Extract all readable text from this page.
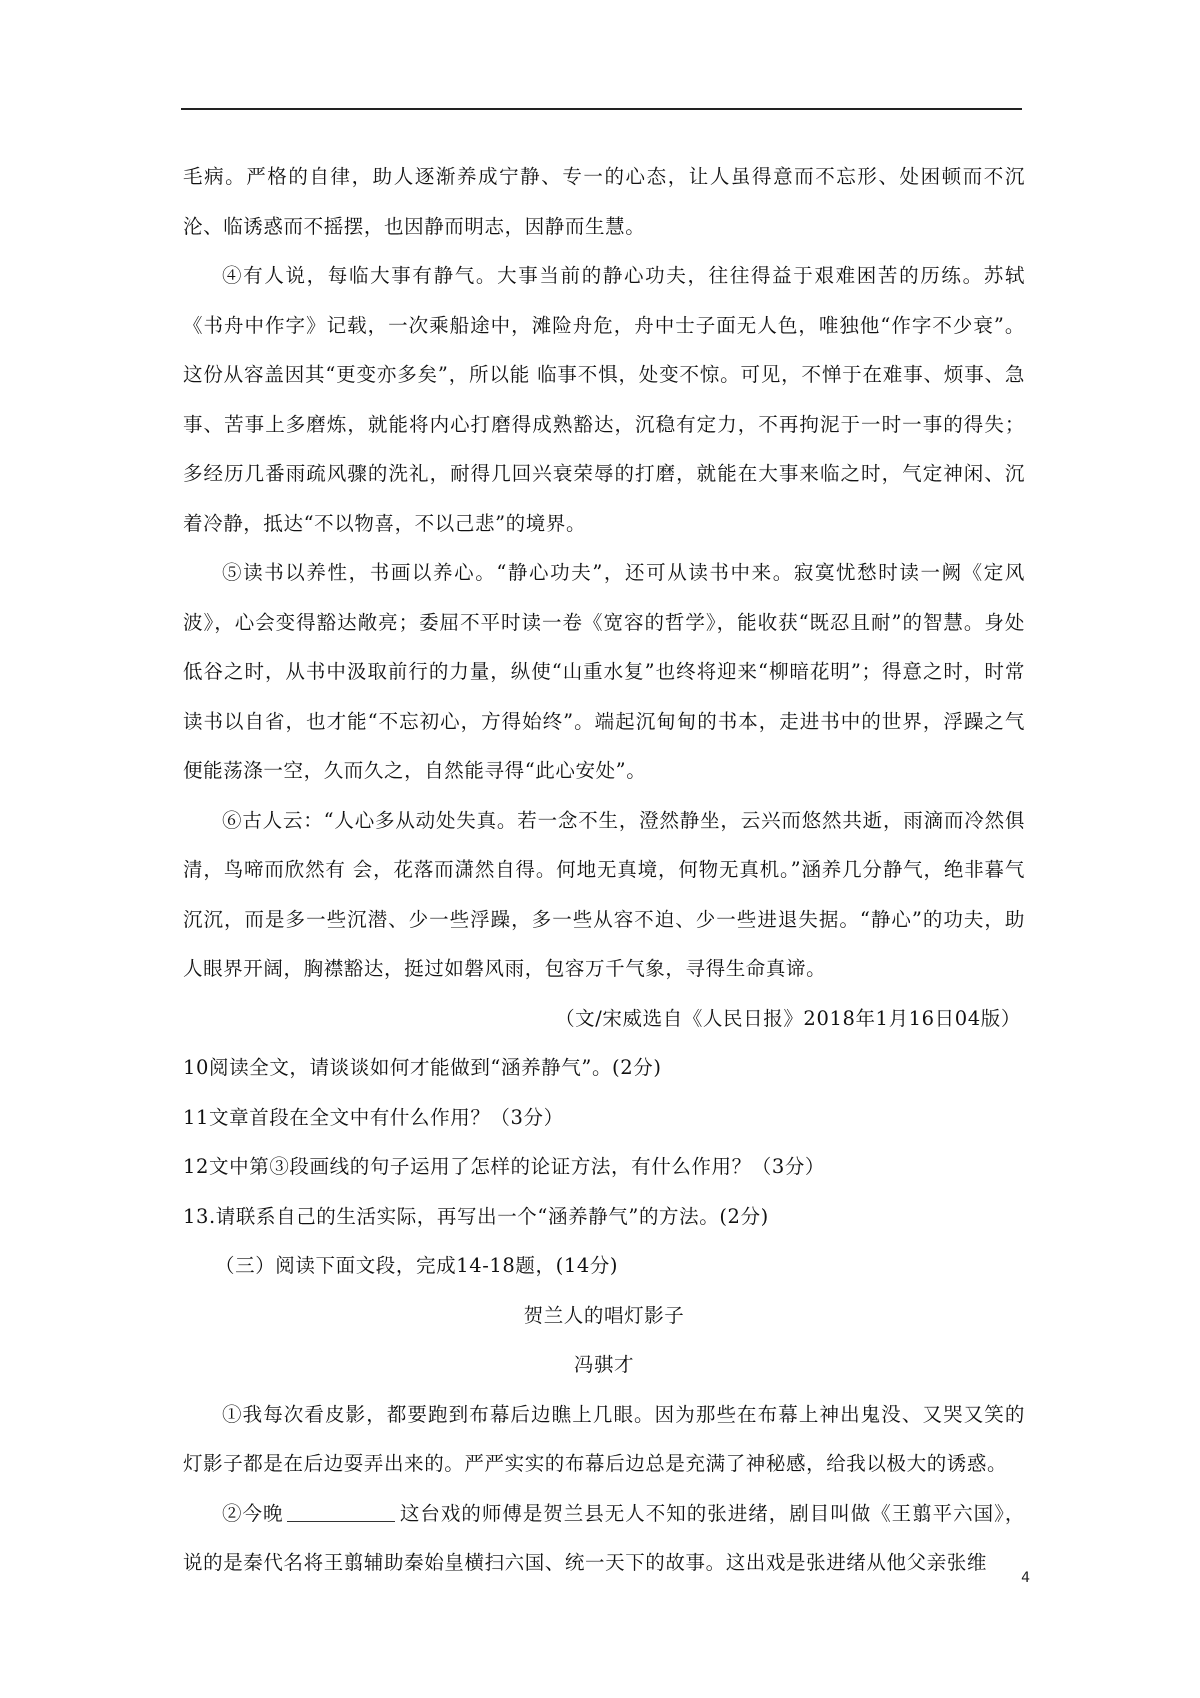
毛病。严格的自律，助人逐渐养成宁静、专一的心态，让人虽得意而不忘形、处困顿而不沉沦、临诱惑而不摇摆，也因静而明志，因静而生慧。

④有人说，每临大事有静气。大事当前的静心功夫，往往得益于艰难困苦的历练。苏轼《书舟中作字》记载，一次乘船途中，滩险舟危，舟中士子面无人色，唯独他“作字不少衰”。这份从容盖因其“更变亦多矣”，所以能 临事不惧，处变不惊。可见，不惮于在难事、烦事、急事、苦事上多磨炼，就能将内心打磨得成熟豁达，沉稳有定力，不再拘泥于一时一事的得失；多经历几番雨疏风骤的洗礼，耐得几回兴衰荣辱的打磨，就能在大事来临之时，气定神闲、沉着冷静，抵达“不以物喜，不以己悲”的境界。

⑤读书以养性，书画以养心。“静心功夫”，还可从读书中来。寂寞忧愁时读一阙《定风波》，心会变得豁达敞亮；委屈不平时读一卷《宽容的哲学》，能收获“既忍且耐”的智慧。身处低谷之时，从书中汲取前行的力量，纵使“山重水复”也终将迎来“柳暗花明”；得意之时，时常读书以自省，也才能“不忘初心，方得始终”。端起沉甸甸的书本，走进书中的世界，浮躁之气便能荡涤一空，久而久之，自然能寻得“此心安处”。

⑥古人云：“人心多从动处失真。若一念不生，澄然静坐，云兴而悠然共逝，雨滴而冷然俱清，鸟啼而欣然有 会，花落而潇然自得。何地无真境，何物无真机。”涵养几分静气，绝非暮气沉沉，而是多一些沉潜、少一些浮躁，多一些从容不迫、少一些进退失据。“静心”的功夫，助人眼界开阔，胸襟豁达，挺过如磐风雨，包容万千气象，寻得生命真谛。

（文/宋威选自《人民日报》2018年1月16日04版）

10阅读全文，请谈谈如何才能做到“涵养静气”。(2分)

11文章首段在全文中有什么作用？（3分）

12文中第③段画线的句子运用了怎样的论证方法，有什么作用？（3分）

13.请联系自己的生活实际，再写出一个“涵养静气”的方法。(2分)

（三）阅读下面文段，完成14-18题，(14分)

贺兰人的唱灯影子

冯骐才

①我每次看皮影，都要跑到布幕后边瞧上几眼。因为那些在布幕上神出鬼没、又哭又笑的灯影子都是在后边耍弄出来的。严严实实的布幕后边总是充满了神秘感，给我以极大的诱惑。

②今晚	这台戏的师傅是贺兰县无人不知的张进绪，剧目叫做《王翦平六国》，说的是秦代名将王翦辅助秦始皇横扫六国、统一天下的故事。这出戏是张进绪从他父亲张维

4
